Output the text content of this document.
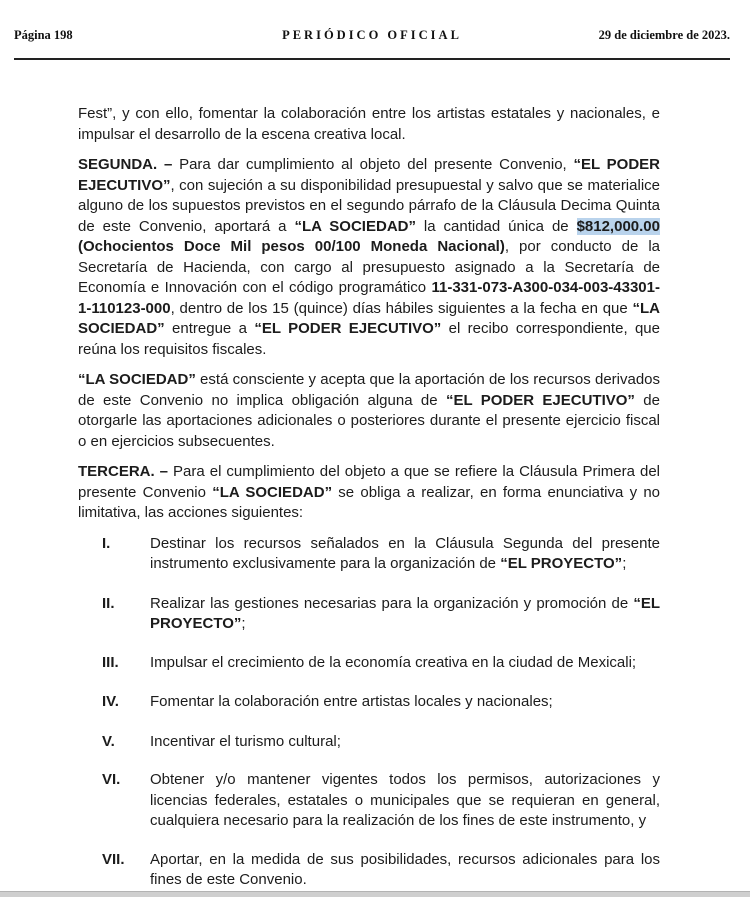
Página 198	PERIÓDICO OFICIAL	29 de diciembre de 2023.

Fest”, y con ello, fomentar la colaboración entre los artistas estatales y nacionales, e impulsar el desarrollo de la escena creativa local.

SEGUNDA. – Para dar cumplimiento al objeto del presente Convenio, “EL PODER EJECUTIVO”, con sujeción a su disponibilidad presupuestal y salvo que se materialice alguno de los supuestos previstos en el segundo párrafo de la Cláusula Decima Quinta de este Convenio, aportará a “LA SOCIEDAD” la cantidad única de $812,000.00 (Ochocientos Doce Mil pesos 00/100 Moneda Nacional), por conducto de la Secretaría de Hacienda, con cargo al presupuesto asignado a la Secretaría de Economía e Innovación con el código programático 11-331-073-A300-034-003-43301-1-110123-000, dentro de los 15 (quince) días hábiles siguientes a la fecha en que “LA SOCIEDAD” entregue a “EL PODER EJECUTIVO” el recibo correspondiente, que reúna los requisitos fiscales.

“LA SOCIEDAD” está consciente y acepta que la aportación de los recursos derivados de este Convenio no implica obligación alguna de “EL PODER EJECUTIVO” de otorgarle las aportaciones adicionales o posteriores durante el presente ejercicio fiscal o en ejercicios subsecuentes.

TERCERA. – Para el cumplimiento del objeto a que se refiere la Cláusula Primera del presente Convenio “LA SOCIEDAD” se obliga a realizar, en forma enunciativa y no limitativa, las acciones siguientes:

I.	Destinar los recursos señalados en la Cláusula Segunda del presente instrumento exclusivamente para la organización de “EL PROYECTO”;
II. Realizar las gestiones necesarias para la organización y promoción de “EL PROYECTO”;
III. Impulsar el crecimiento de la economía creativa en la ciudad de Mexicali;
IV. Fomentar la colaboración entre artistas locales y nacionales;
V. Incentivar el turismo cultural;
VI. Obtener y/o mantener vigentes todos los permisos, autorizaciones y licencias federales, estatales o municipales que se requieran en general, cualquiera necesario para la realización de los fines de este instrumento, y
VII. Aportar, en la medida de sus posibilidades, recursos adicionales para los fines de este Convenio.
